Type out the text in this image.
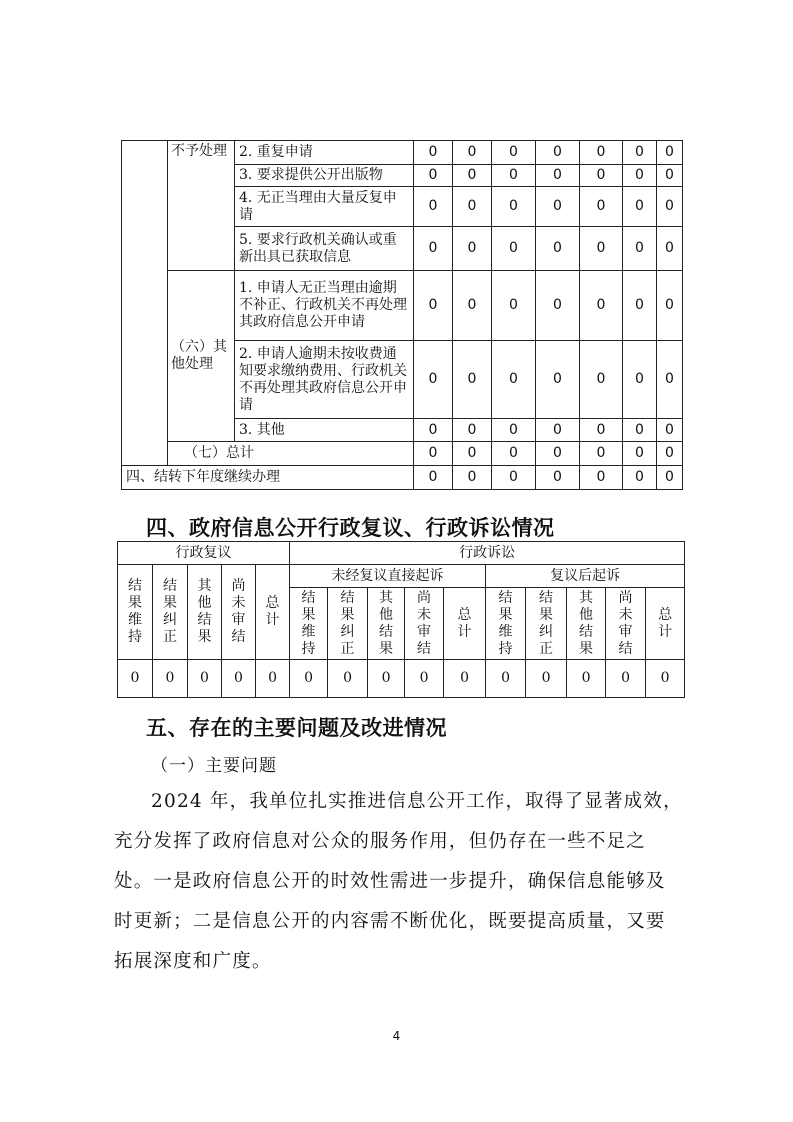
	不予处理	2. 重复申请	0	0	0	0	0	0	0
		3. 要求提供公开出版物	0	0	0	0	0	0	0
		4. 无正当理由大量反复申请	0	0	0	0	0	0	0
		5. 要求行政机关确认或重新出具已获取信息	0	0	0	0	0	0	0
	（六）其他处理	1. 申请人无正当理由逾期不补正、行政机关不再处理其政府信息公开申请	0	0	0	0	0	0	0
		2. 申请人逾期未按收费通知要求缴纳费用、行政机关不再处理其政府信息公开申请	0	0	0	0	0	0	0
		3. 其他	0	0	0	0	0	0	0
	（七）总计		0	0	0	0	0	0	0
四、结转下年度继续办理			0	0	0	0	0	0	0
四、政府信息公开行政复议、行政诉讼情况
行政复议					行政诉讼									
结果维持	结果纠正	其他结果	尚未审结	总计	未经复议直接起诉					复议后起诉				
					结果维持	结果纠正	其他结果	尚未审结	总计	结果维持	结果纠正	其他结果	尚未审结	总计
0	0	0	0	0	0	0	0	0	0	0	0	0	0	0
五、存在的主要问题及改进情况
（一）主要问题
2024 年，我单位扎实推进信息公开工作，取得了显著成效，
充分发挥了政府信息对公众的服务作用，但仍存在一些不足之
处。一是政府信息公开的时效性需进一步提升，确保信息能够及
时更新；二是信息公开的内容需不断优化，既要提高质量，又要
拓展深度和广度。
4
